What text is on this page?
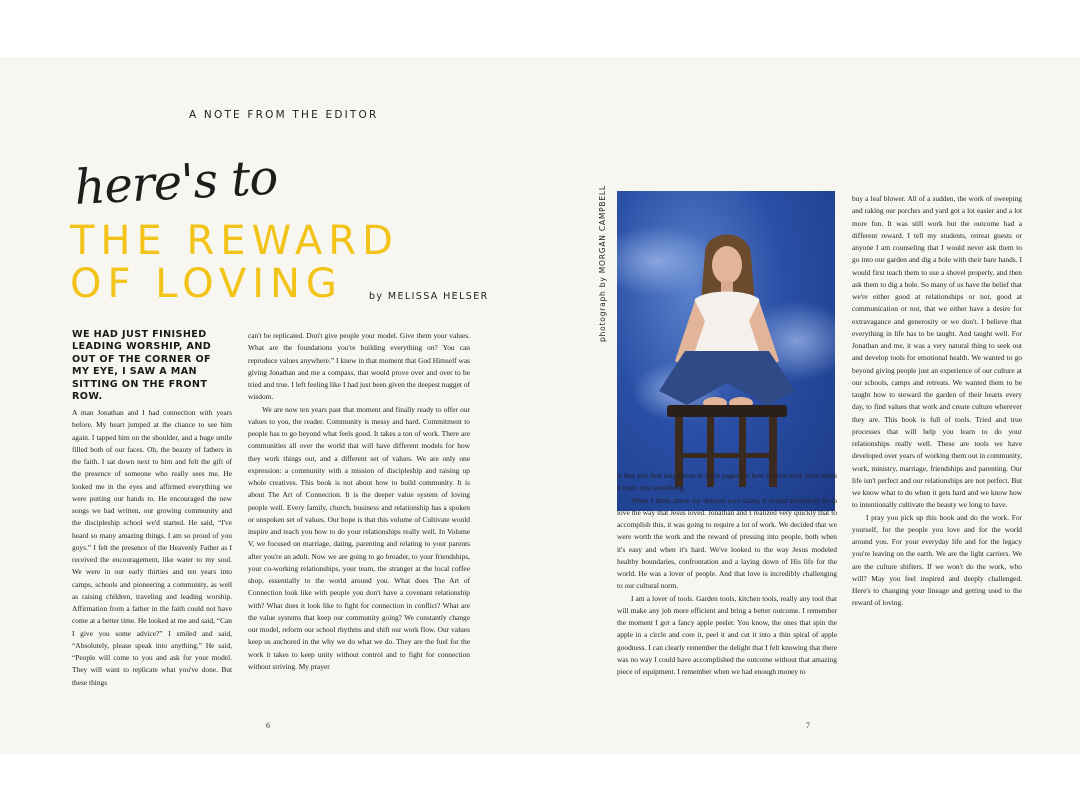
A NOTE FROM THE EDITOR
here's to
THE REWARD
OF LOVING	by MELISSA HELSER
WE HAD JUST FINISHED LEADING WORSHIP, AND OUT OF THE CORNER OF MY EYE, I SAW A MAN SITTING ON THE FRONT ROW.

A man Jonathan and I had connection with years before. My heart jumped at the chance to see him again. I tapped him on the shoulder, and a huge smile filled both of our faces. Oh, the beauty of fathers in the faith. I sat down next to him and felt the gift of the presence of someone who really sees me. He looked me in the eyes and affirmed everything we were putting our hands to. He encouraged the new songs we had written, our growing community and the discipleship school we'd started. He said, “I've heard so many amazing things. I am so proud of you guys.” I felt the presence of the Heavenly Father as I received the encouragement, like water to my soul. We were in our early thirties and ten years into camps, schools and pioneering a community, as well as raising children, traveling and leading worship. Affirmation from a father in the faith could not have come at a better time. He looked at me and said, “Can I give you some advice?” I smiled and said, “Absolutely, please speak into anything.” He said, “People will come to you and ask for your model. They will want to replicate what you've done. But these things

can't be replicated. Don't give people your model. Give them your values. What are the foundations you're building everything on? You can reproduce values anywhere.” I knew in that moment that God Himself was giving Jonathan and me a compass, that would prove over and over to be tried and true. I left feeling like I had just been given the deepest nugget of wisdom.

We are now ten years past that moment and finally ready to offer our values to you, the reader. Community is messy and hard. Commitment to people has to go beyond what feels good. It takes a ton of work. There are communities all over the world that will have different models for how they work things out, and a different set of values. We are only one expression: a community with a mission of discipleship and raising up whole creatives. This book is not about how to build community. It is about The Art of Connection. It is the deeper value system of loving people well. Every family, church, business and relationship has a spoken or unspoken set of values. Our hope is that this volume of Cultivate would inspire and teach you how to do your relationships really well. In Volume V, we focused on marriage, dating, parenting and relating to your parents after you're an adult. Now we are going to go broader, to your friendships, your co-working relationships, your team, the stranger at the local coffee shop, essentially to the world around you. What does The Art of Connection look like with people you don't have a covenant relationship with? What does it look like to fight for connection in conflict? What are the value systems that keep our community going? We constantly change our model, reform our school rhythms and shift our work flow. Our values keep us anchored in the why we do what we do. They are the fuel for the work it takes to keep unity without control and to fight for connection without striving. My prayer

6
photograph by MORGAN CAMPBELL

is that you find inspiration in these pages for how to love well, even when it costs you something.

When I think about our deepest core value, it would absolutely be to love the way that Jesus loved. Jonathan and I realized very quickly that to accomplish this, it was going to require a lot of work. We decided that we were worth the work and the reward of pressing into people, both when it's easy and when it's hard. We've looked to the way Jesus modeled healthy boundaries, confrontation and a laying down of His life for the world. He was a lover of people. And that love is incredibly challenging to our cultural norm.

I am a lover of tools. Garden tools, kitchen tools, really any tool that will make any job more efficient and bring a better outcome. I remember the moment I got a fancy apple peeler. You know, the ones that spin the apple in a circle and core it, peel it and cut it into a thin spiral of apple goodness. I can clearly remember the delight that I felt knowing that there was no way I could have accomplished the outcome without that amazing piece of equipment. I remember when we had enough money to

buy a leaf blower. All of a sudden, the work of sweeping and raking our porches and yard got a lot easier and a lot more fun. It was still work but the outcome had a different reward. I tell my students, retreat guests or anyone I am counseling that I would never ask them to go into our garden and dig a hole with their bare hands. I would first teach them to use a shovel properly, and then ask them to dig a hole. So many of us have the belief that we're either good at relationships or not, good at communication or not, that we either have a desire for extravagance and generosity or we don't. I believe that everything in life has to be taught. And taught well. For Jonathan and me, it was a very natural thing to seek out and develop tools for emotional health. We wanted to go beyond giving people just an experience of our culture at our schools, camps and retreats. We wanted them to be taught how to steward the garden of their hearts every day, to find values that work and create culture wherever they are. This book is full of tools. Tried and true processes that will help you learn to do your relationships really well. These are tools we have developed over years of working them out in community, work, ministry, marriage, friendships and parenting. Our life isn't perfect and our relationships are not perfect. But we know what to do when it gets hard and we know how to intentionally cultivate the beauty we long to have.

I pray you pick up this book and do the work. For yourself, for the people you love and for the world around you. For your everyday life and for the legacy you're leaving on the earth. We are the light carriers. We are the culture shifters. If we won't do the work, who will? May you feel inspired and deeply challenged. Here's to changing your lineage and getting used to the reward of loving.

7
